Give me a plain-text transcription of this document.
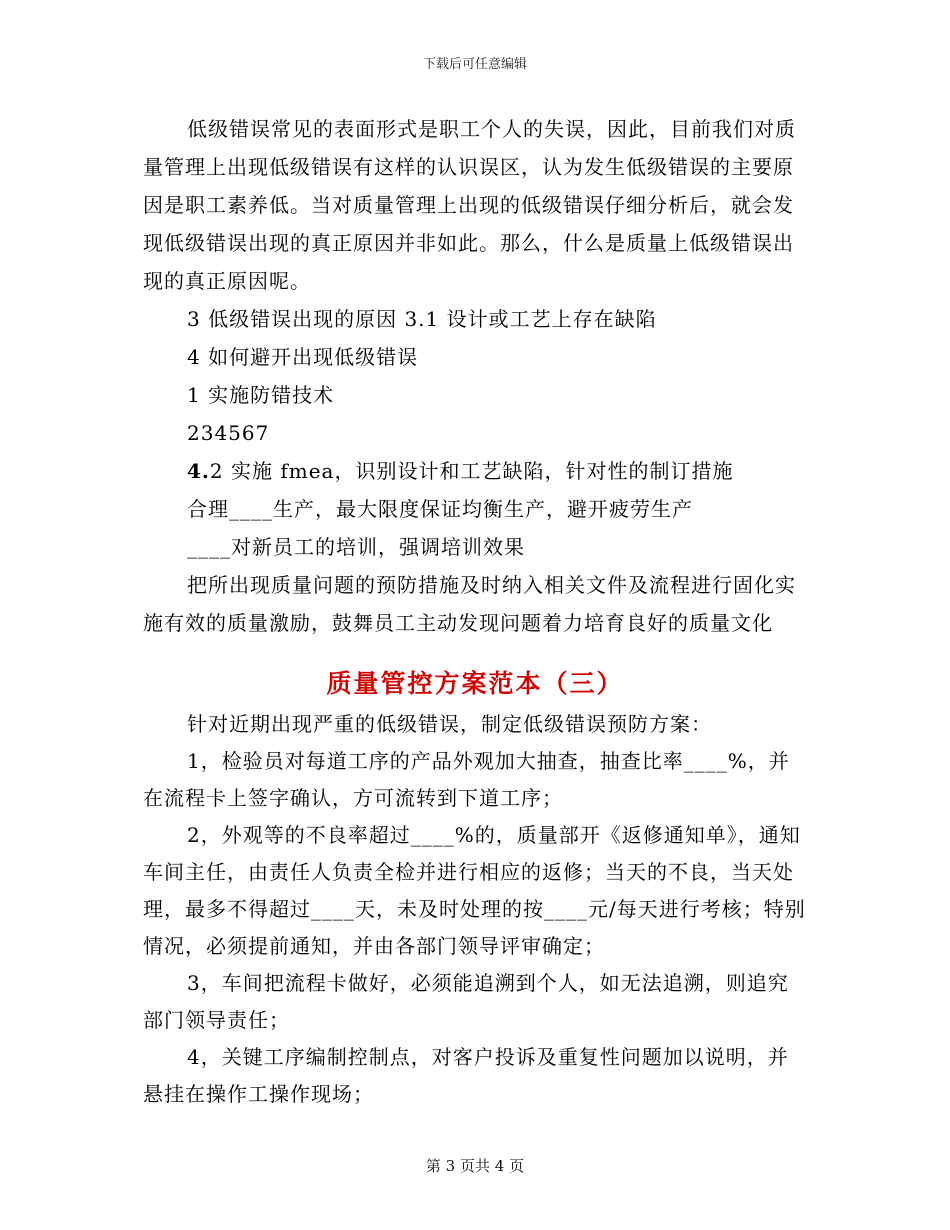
下载后可任意编辑

低级错误常见的表面形式是职工个人的失误，因此，目前我们对质量管理上出现低级错误有这样的认识误区，认为发生低级错误的主要原因是职工素养低。当对质量管理上出现的低级错误仔细分析后，就会发现低级错误出现的真正原因并非如此。那么，什么是质量上低级错误出现的真正原因呢。

3 低级错误出现的原因 3.1 设计或工艺上存在缺陷

4 如何避开出现低级错误

1 实施防错技术

234567

4.2 实施 fmea，识别设计和工艺缺陷，针对性的制订措施

合理____生产，最大限度保证均衡生产，避开疲劳生产

____对新员工的培训，强调培训效果

把所出现质量问题的预防措施及时纳入相关文件及流程进行固化实施有效的质量激励，鼓舞员工主动发现问题着力培育良好的质量文化

质量管控方案范本（三）

针对近期出现严重的低级错误，制定低级错误预防方案：

1，检验员对每道工序的产品外观加大抽查，抽查比率____%，并在流程卡上签字确认，方可流转到下道工序；

2，外观等的不良率超过____%的，质量部开《返修通知单》，通知车间主任，由责任人负责全检并进行相应的返修；当天的不良，当天处理，最多不得超过____天，未及时处理的按____元/每天进行考核；特别情况，必须提前通知，并由各部门领导评审确定；

3，车间把流程卡做好，必须能追溯到个人，如无法追溯，则追究部门领导责任；

4，关键工序编制控制点，对客户投诉及重复性问题加以说明，并悬挂在操作工操作现场；

第 3 页共 4 页
